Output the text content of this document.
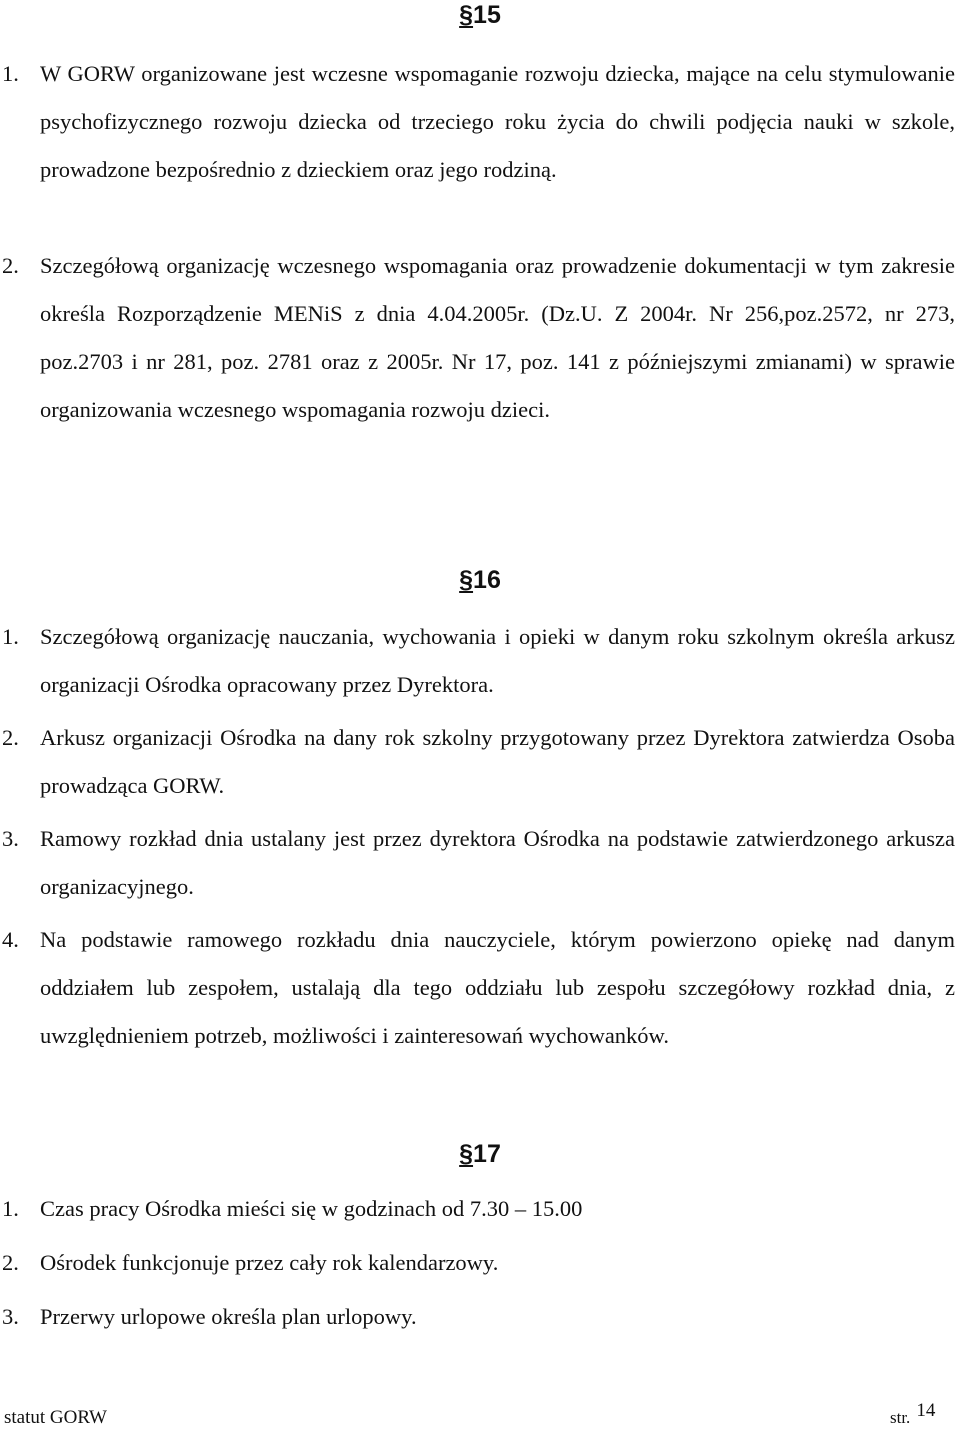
§15
1. W GORW organizowane jest wczesne wspomaganie rozwoju dziecka, mające na celu stymulowanie psychofizycznego rozwoju dziecka od trzeciego roku życia do chwili podjęcia nauki w szkole, prowadzone bezpośrednio z dzieckiem oraz jego rodziną.
2. Szczegółową organizację wczesnego wspomagania oraz prowadzenie dokumentacji w tym zakresie określa Rozporządzenie MENiS z dnia 4.04.2005r. (Dz.U. Z 2004r. Nr 256,poz.2572, nr 273, poz.2703 i nr 281, poz. 2781 oraz z 2005r. Nr 17, poz. 141 z późniejszymi zmianami) w sprawie organizowania wczesnego wspomagania rozwoju dzieci.
§16
1. Szczegółową organizację nauczania, wychowania i opieki w danym roku szkolnym określa arkusz organizacji Ośrodka opracowany przez Dyrektora.
2. Arkusz organizacji Ośrodka na dany rok szkolny przygotowany przez Dyrektora zatwierdza Osoba prowadząca GORW.
3. Ramowy rozkład dnia ustalany jest przez dyrektora Ośrodka na podstawie zatwierdzonego arkusza organizacyjnego.
4. Na podstawie ramowego rozkładu dnia nauczyciele, którym powierzono opiekę nad danym oddziałem lub zespołem, ustalają dla tego oddziału lub zespołu szczegółowy rozkład dnia, z uwzględnieniem potrzeb, możliwości i zainteresowań wychowanków.
§17
1. Czas pracy Ośrodka mieści się w godzinach od 7.30 – 15.00
2. Ośrodek funkcjonuje przez cały rok kalendarzowy.
3. Przerwy urlopowe określa plan urlopowy.
statut GORW	str. 14
